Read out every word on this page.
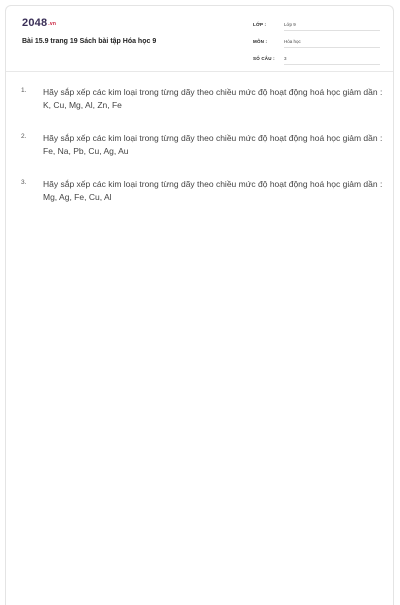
2048.vn
Bài 15.9 trang 19 Sách bài tập Hóa học 9
LỚP :	Lớp 9
MÔN :	Hóa học
SỐ CÂU : 3
1. Hãy sắp xếp các kim loại trong từng dãy theo chiều mức độ hoạt động hoá học giảm dần : K, Cu, Mg, Al, Zn, Fe
2. Hãy sắp xếp các kim loại trong từng dãy theo chiều mức độ hoạt động hoá học giảm dần : Fe, Na, Pb, Cu, Ag, Au
3. Hãy sắp xếp các kim loại trong từng dãy theo chiều mức độ hoạt động hoá học giảm dần : Mg, Ag, Fe, Cu, Al
